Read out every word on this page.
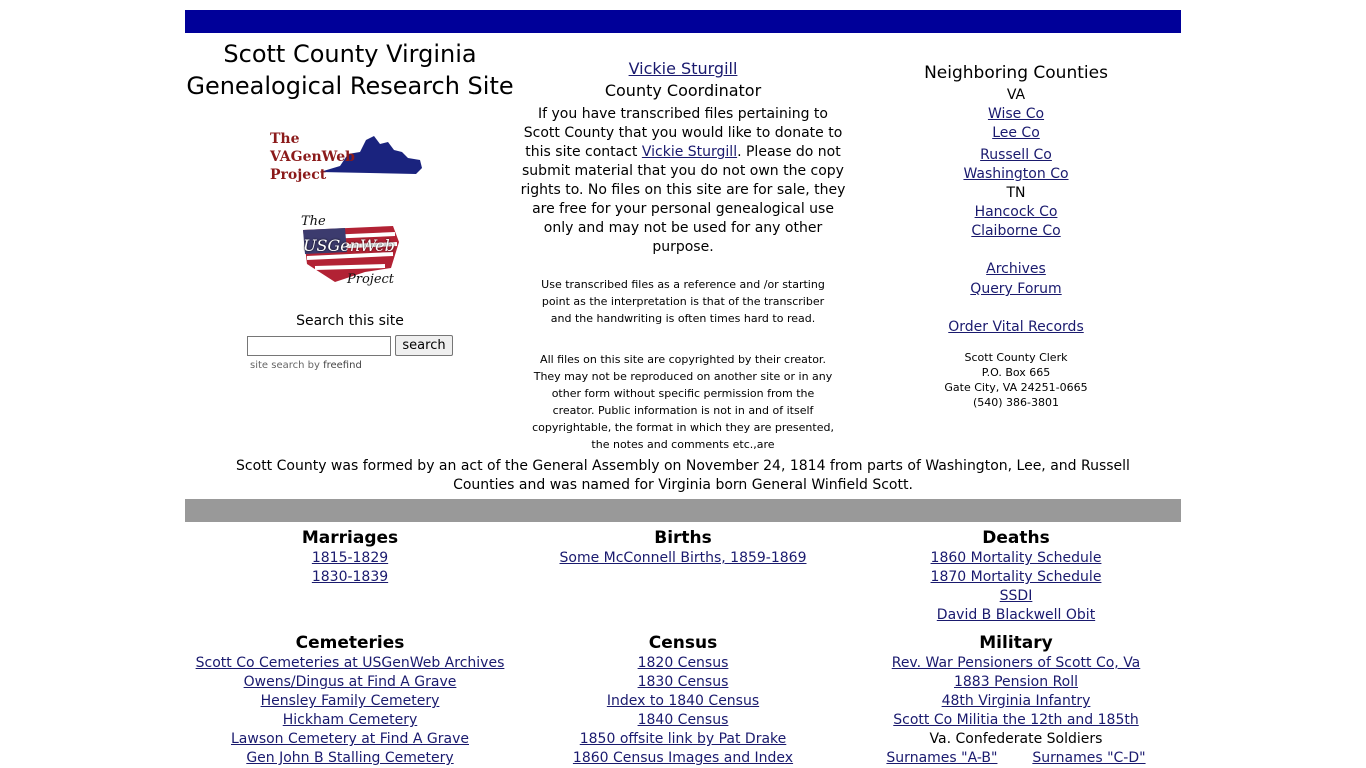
Scott County Virginia
Genealogical Research Site
The
VAGenWeb
Project
The
USGenWeb
Project
Search this site
search
site search by freefind
Vickie Sturgill
County Coordinator
If you have transcribed files pertaining to Scott County that you would like to donate to this site contact Vickie Sturgill. Please do not submit material that you do not own the copy rights to. No files on this site are for sale, they are free for your personal genealogical use only and may not be used for any other purpose.
Use transcribed files as a reference and /or starting point as the interpretation is that of the transcriber and the handwriting is often times hard to read.
All files on this site are copyrighted by their creator. They may not be reproduced on another site or in any other form without specific permission from the creator. Public information is not in and of itself copyrightable, the format in which they are presented, the notes and comments etc.,are
Neighboring Counties
VA
Wise Co
Lee Co
Russell Co
Washington Co
TN
Hancock Co
Claiborne Co
Archives
Query Forum
Order Vital Records
Scott County Clerk
P.O. Box 665
Gate City, VA 24251-0665
(540) 386-3801
Scott County was formed by an act of the General Assembly on November 24, 1814 from parts of Washington, Lee, and Russell Counties and was named for Virginia born General Winfield Scott.
Marriages
1815-1829
1830-1839
Births
Some McConnell Births, 1859-1869
Deaths
1860 Mortality Schedule
1870 Mortality Schedule
SSDI
David B Blackwell Obit
Cemeteries
Scott Co Cemeteries at USGenWeb Archives
Owens/Dingus at Find A Grave
Hensley Family Cemetery
Hickham Cemetery
Lawson Cemetery at Find A Grave
Gen John B Stalling Cemetery
Census
1820 Census
1830 Census
Index to 1840 Census
1840 Census
1850 offsite link by Pat Drake
1860 Census Images and Index
Military
Rev. War Pensioners of Scott Co, Va
1883 Pension Roll
48th Virginia Infantry
Scott Co Militia the 12th and 185th
Va. Confederate Soldiers
Surnames "A-B" Surnames "C-D"
